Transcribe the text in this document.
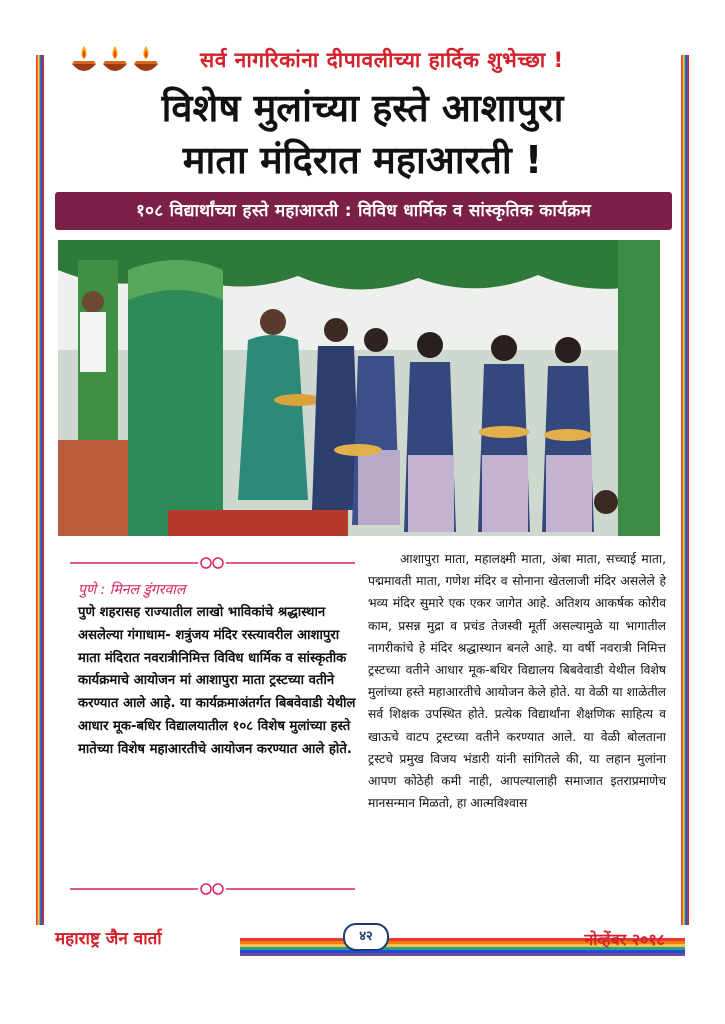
सर्व नागरिकांना दीपावलीच्या हार्दिक शुभेच्छा !
विशेष मुलांच्या हस्ते आशापुरा
माता मंदिरात महाआरती !
१०८ विद्यार्थांच्या हस्ते महाआरती : विविध धार्मिक व सांस्कृतिक कार्यक्रम
पुणे : मिनल डुंगरवाल
पुणे शहरासह राज्यातील लाखो भाविकांचे श्रद्धास्थान असलेल्या गंगाधाम- शत्रुंजय मंदिर रस्त्यावरील आशापुरा माता मंदिरात नवरात्रीनिमित्त विविध धार्मिक व सांस्कृतीक कार्यक्रमाचे आयोजन मां आशापुरा माता ट्रस्टच्या वतीने करण्यात आले आहे. या कार्यक्रमाअंतर्गत बिबवेवाडी येथील आधार मूक-बधिर विद्यालयातील १०८ विशेष मुलांच्या हस्ते मातेच्या विशेष महाआरतीचे आयोजन करण्यात आले होते.
आशापुरा माता, महालक्ष्मी माता, अंबा माता, सच्चाई माता, पद्ममावती माता, गणेश मंदिर व सोनाना खेतलाजी मंदिर असलेले हे भव्य मंदिर सुमारे एक एकर जागेत आहे. अतिशय आकर्षक कोरीव काम, प्रसन्न मुद्रा व प्रचंड तेजस्वी मूर्ती असल्यामुळे या भागातील नागरीकांचे हे मंदिर श्रद्धास्थान बनले आहे. या वर्षी नवरात्री निमित्त ट्रस्टच्या वतीने आधार मूक-बधिर विद्यालय बिबवेवाडी येथील विशेष मुलांच्या हस्ते महाआरतीचे आयोजन केले होते. या वेळी या शाळेतील सर्व शिक्षक उपस्थित होते. प्रत्येक विद्यार्थांना शैक्षणिक साहित्य व खाऊचे वाटप ट्रस्टच्या वतीने करण्यात आले. या वेळी बोलताना ट्रस्टचे प्रमुख विजय भंडारी यांनी सांगितले की, या लहान मुलांना आपण कोठेही कमी नाही, आपल्यालाही समाजात इतराप्रमाणेच मानसन्मान मिळतो, हा आत्मविश्वास
महाराष्ट्र जैन वार्ता	४२	नोव्हेंबर २०१८
